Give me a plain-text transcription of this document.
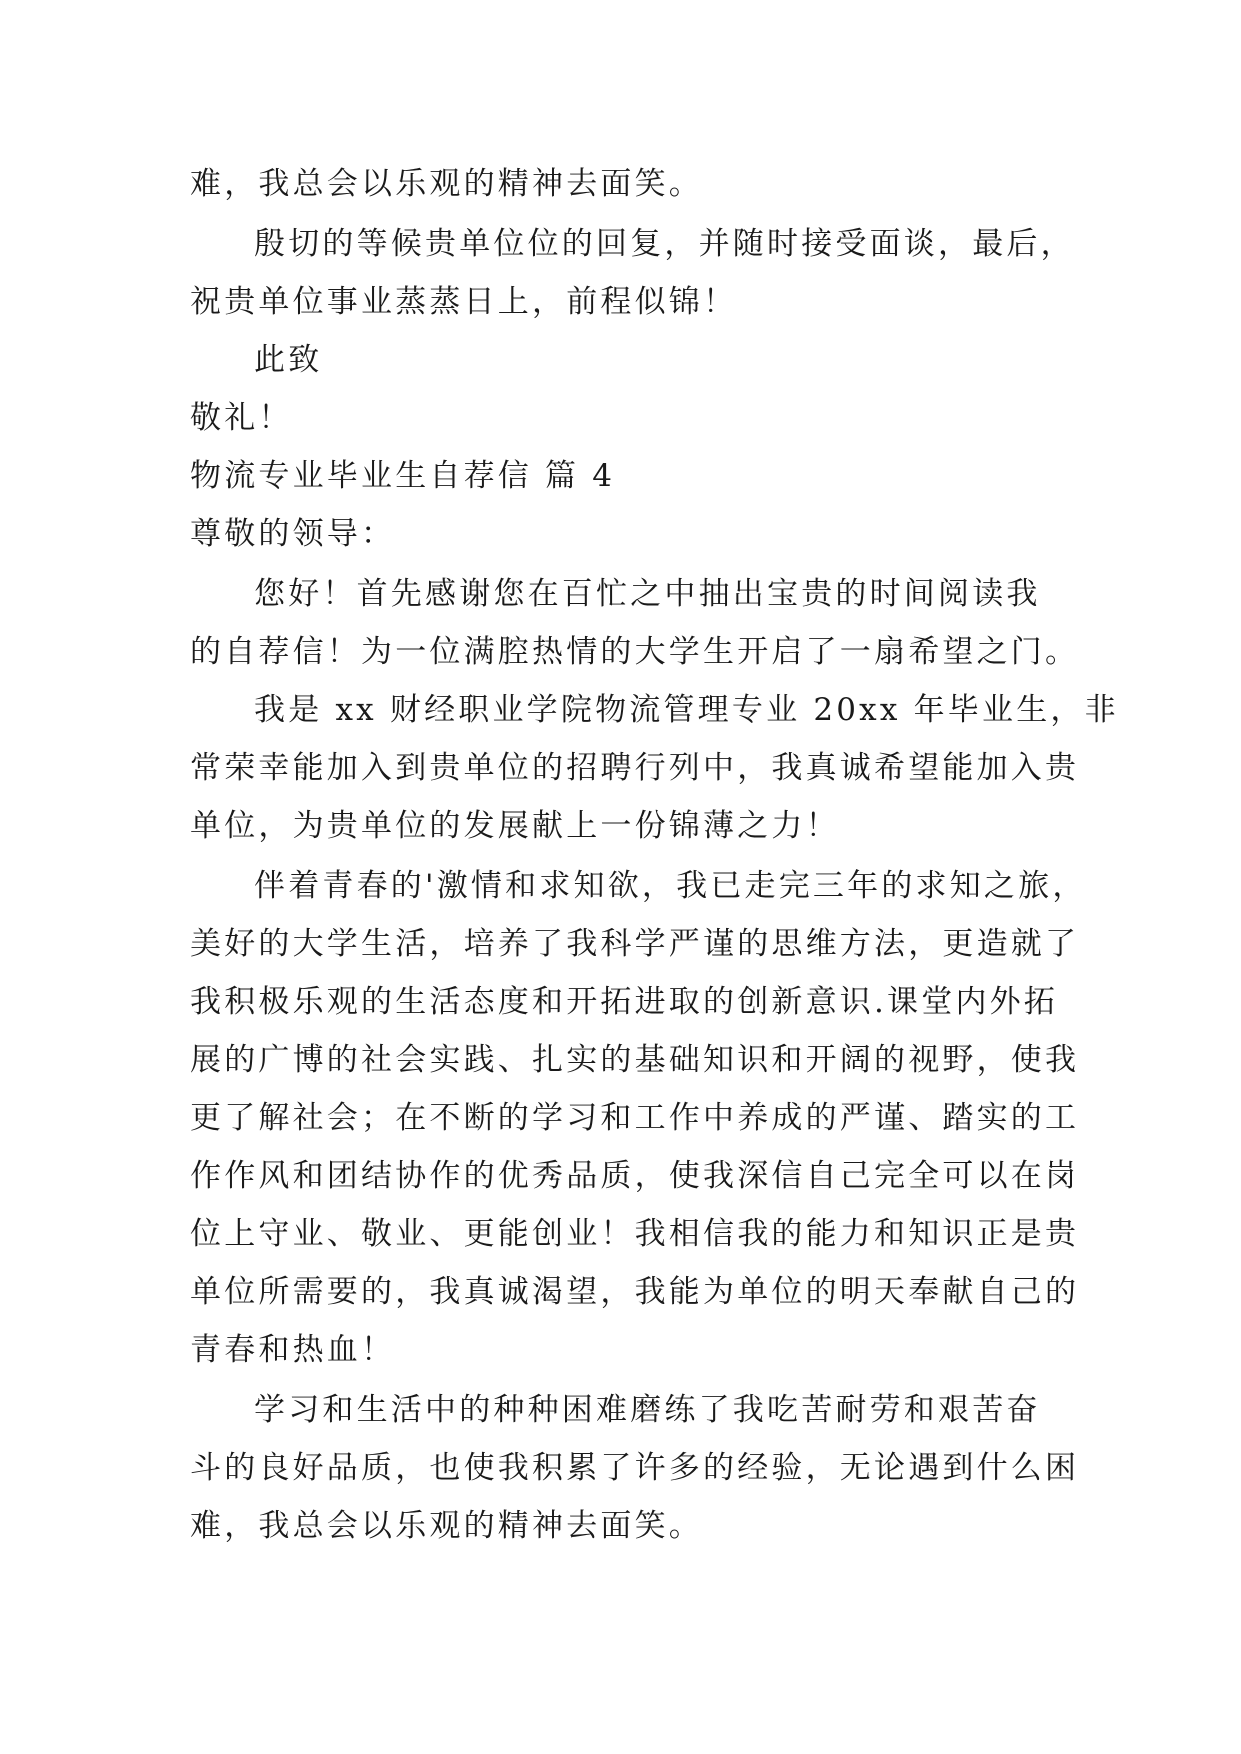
难，我总会以乐观的精神去面笑。
殷切的等候贵单位位的回复，并随时接受面谈，最后，
祝贵单位事业蒸蒸日上，前程似锦！
此致
敬礼！
物流专业毕业生自荐信 篇 4
尊敬的领导：
您好！首先感谢您在百忙之中抽出宝贵的时间阅读我
的自荐信！为一位满腔热情的大学生开启了一扇希望之门。
我是 xx 财经职业学院物流管理专业 20xx 年毕业生，非
常荣幸能加入到贵单位的招聘行列中，我真诚希望能加入贵
单位，为贵单位的发展献上一份锦薄之力！
伴着青春的'激情和求知欲，我已走完三年的求知之旅，
美好的大学生活，培养了我科学严谨的思维方法，更造就了
我积极乐观的生活态度和开拓进取的创新意识.课堂内外拓
展的广博的社会实践、扎实的基础知识和开阔的视野，使我
更了解社会；在不断的学习和工作中养成的严谨、踏实的工
作作风和团结协作的优秀品质，使我深信自己完全可以在岗
位上守业、敬业、更能创业！我相信我的能力和知识正是贵
单位所需要的，我真诚渴望，我能为单位的明天奉献自己的
青春和热血！
学习和生活中的种种困难磨练了我吃苦耐劳和艰苦奋
斗的良好品质，也使我积累了许多的经验，无论遇到什么困
难，我总会以乐观的精神去面笑。
